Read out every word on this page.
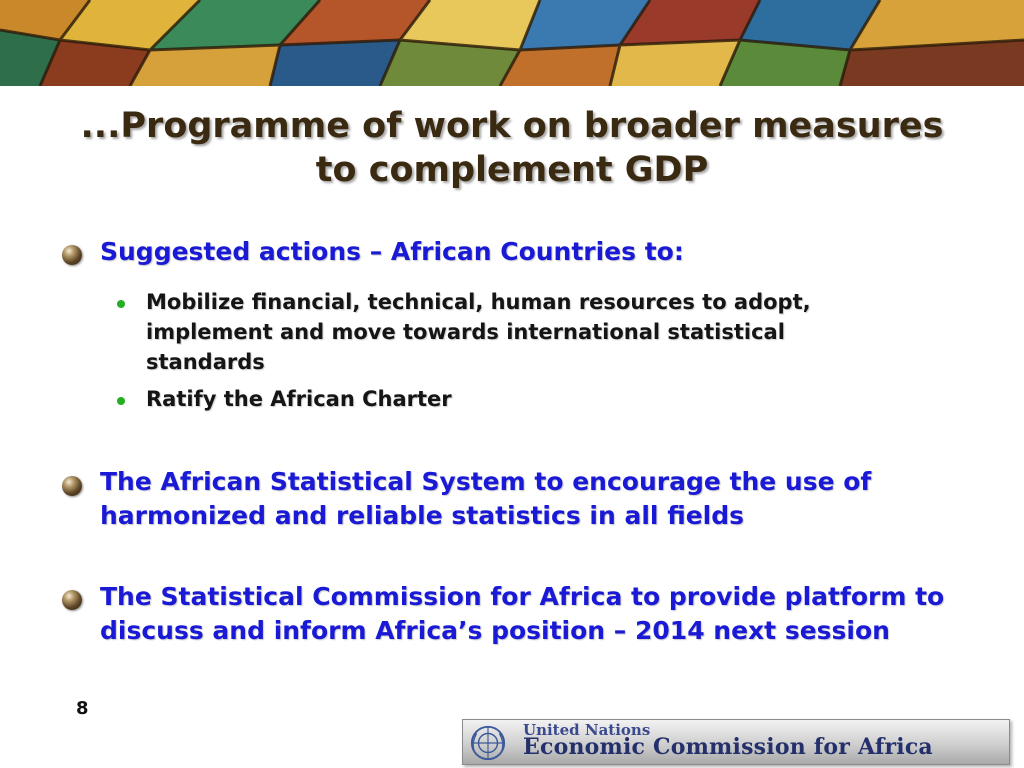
...Programme of work on broader measures
to complement GDP
Suggested actions – African Countries to:
Mobilize financial, technical, human resources to adopt, implement and move towards international statistical standards
Ratify the African Charter
The African Statistical System to encourage the use of harmonized and reliable statistics in all fields
The Statistical Commission for Africa to provide platform to discuss and inform Africa’s position – 2014 next session
8
United Nations
Economic Commission for Africa
